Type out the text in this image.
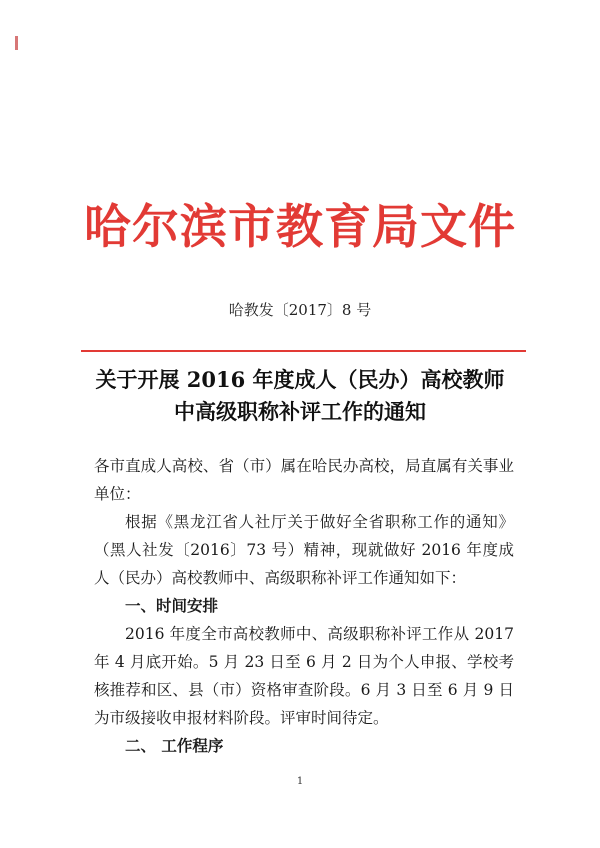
哈尔滨市教育局文件
哈教发〔2017〕8 号
关于开展 2016 年度成人（民办）高校教师
中高级职称补评工作的通知

各市直成人高校、省（市）属在哈民办高校，局直属有关事业单位：

根据《黑龙江省人社厅关于做好全省职称工作的通知》（黑人社发〔2016〕73 号）精神，现就做好 2016 年度成人（民办）高校教师中、高级职称补评工作通知如下：

一、时间安排

2016 年度全市高校教师中、高级职称补评工作从 2017 年 4 月底开始。5 月 23 日至 6 月 2 日为个人申报、学校考核推荐和区、县（市）资格审查阶段。6 月 3 日至 6 月 9 日为市级接收申报材料阶段。评审时间待定。

二、 工作程序

1
